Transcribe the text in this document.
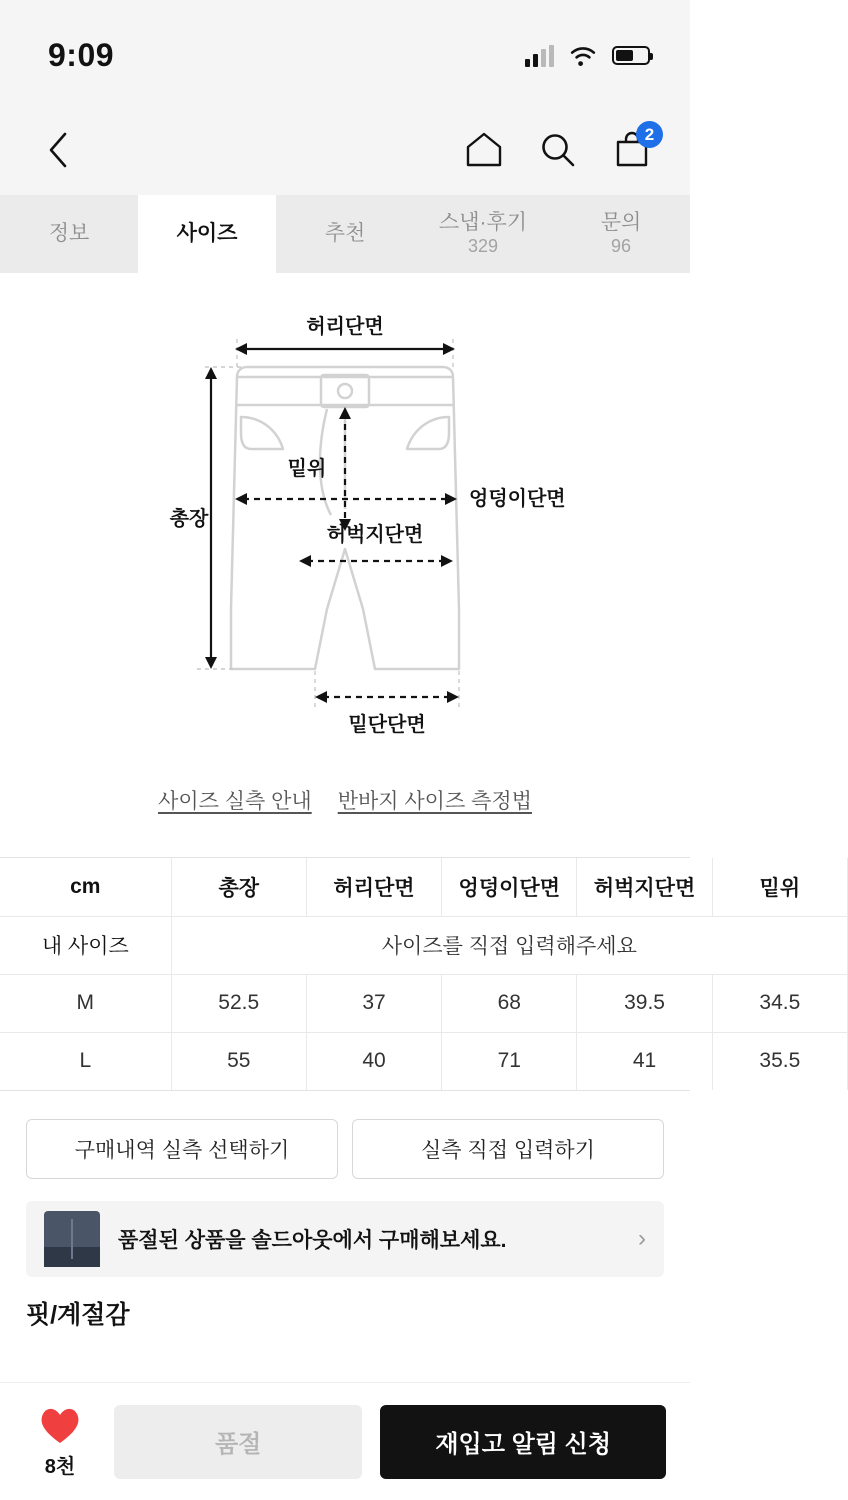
9:09
2
정보	사이즈	추천	스냅·후기
329
문의
96
허리단면
총장
엉덩이단면
밑위
허벅지단면
밑단단면
사이즈 실측 안내 반바지 사이즈 측정법
cm	총장	허리단면	엉덩이단면	허벅지단면	밑위
내 사이즈	사이즈를 직접 입력해주세요				
M	52.5	37	68	39.5	34.5
L	55	40	71	41	35.5
구매내역 실측 선택하기	실측 직접 입력하기
품절된 상품을 솔드아웃에서 구매해보세요.	›
핏/계절감
8천
품절	재입고 알림 신청
